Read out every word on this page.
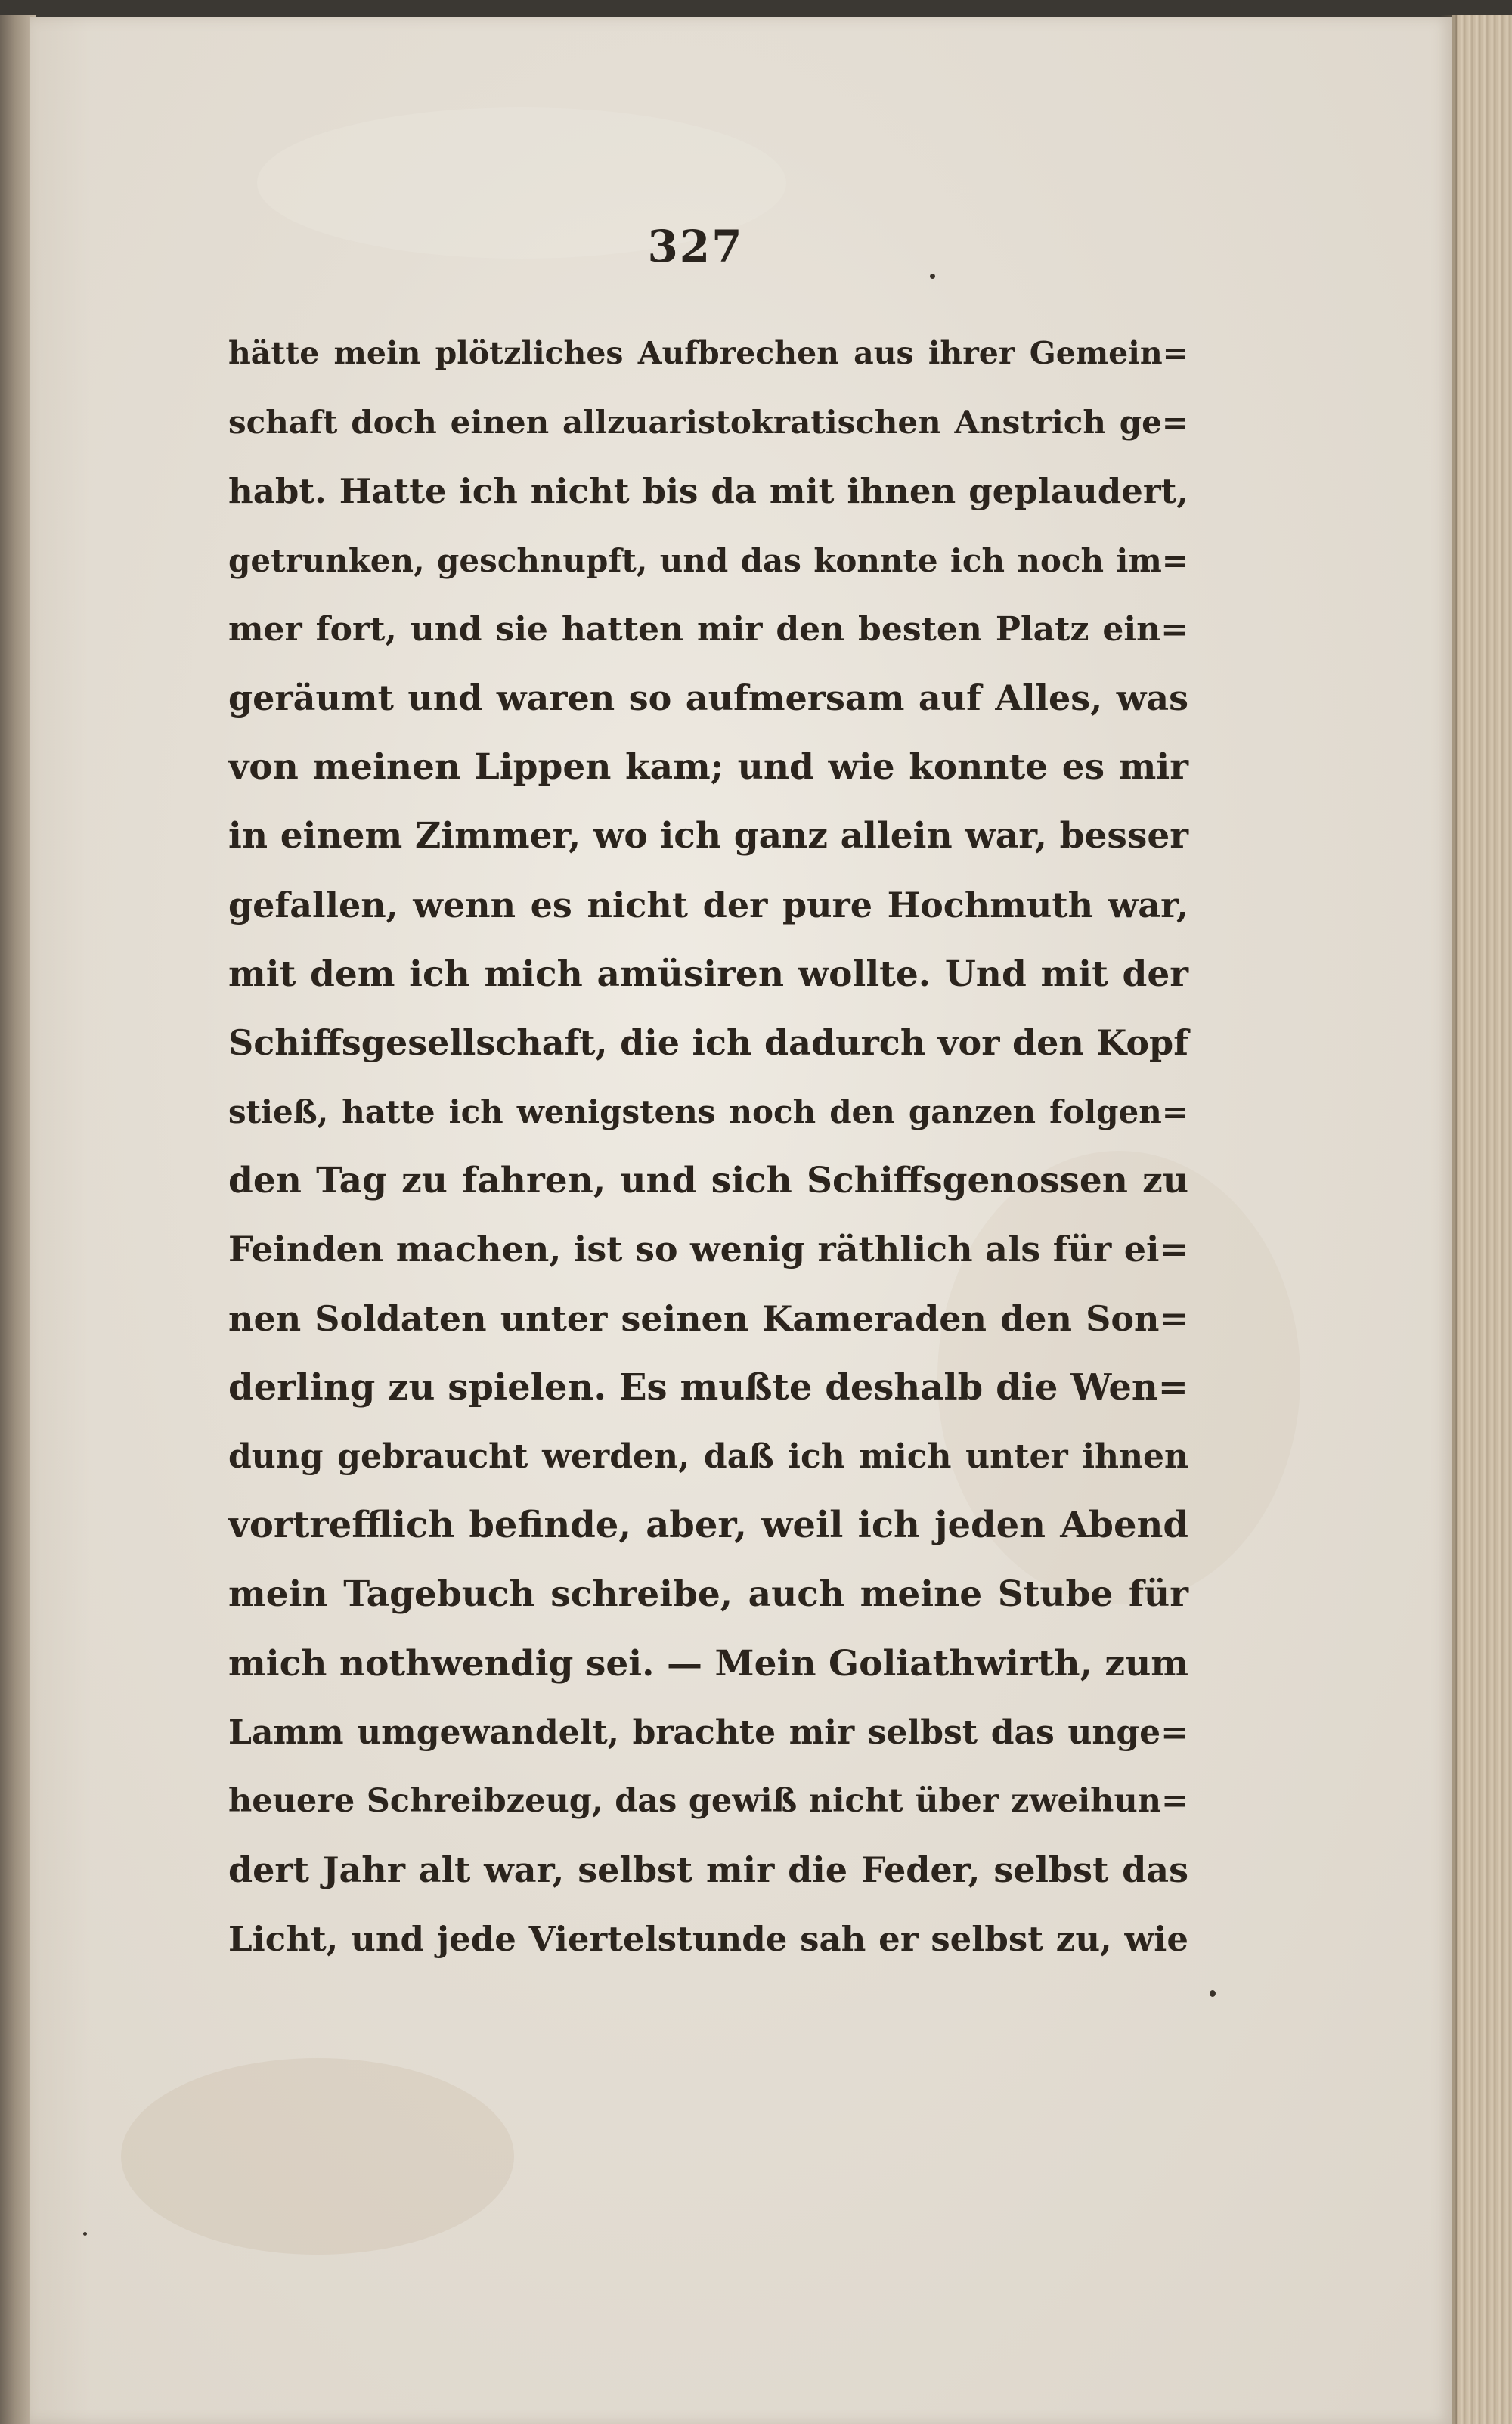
327
hätte mein plötzliches Aufbrechen aus ihrer Gemein=
schaft doch einen allzuaristokratischen Anstrich ge=
habt. Hatte ich nicht bis da mit ihnen geplaudert,
getrunken, geschnupft, und das konnte ich noch im=
mer fort, und sie hatten mir den besten Platz ein=
geräumt und waren so aufmersam auf Alles, was
von meinen Lippen kam; und wie konnte es mir
in einem Zimmer, wo ich ganz allein war, besser
gefallen, wenn es nicht der pure Hochmuth war,
mit dem ich mich amüsiren wollte. Und mit der
Schiffsgesellschaft, die ich dadurch vor den Kopf
stieß, hatte ich wenigstens noch den ganzen folgen=
den Tag zu fahren, und sich Schiffsgenossen zu
Feinden machen, ist so wenig räthlich als für ei=
nen Soldaten unter seinen Kameraden den Son=
derling zu spielen. Es mußte deshalb die Wen=
dung gebraucht werden, daß ich mich unter ihnen
vortrefflich befinde, aber, weil ich jeden Abend
mein Tagebuch schreibe, auch meine Stube für
mich nothwendig sei. — Mein Goliathwirth, zum
Lamm umgewandelt, brachte mir selbst das unge=
heuere Schreibzeug, das gewiß nicht über zweihun=
dert Jahr alt war, selbst mir die Feder, selbst das
Licht, und jede Viertelstunde sah er selbst zu, wie
